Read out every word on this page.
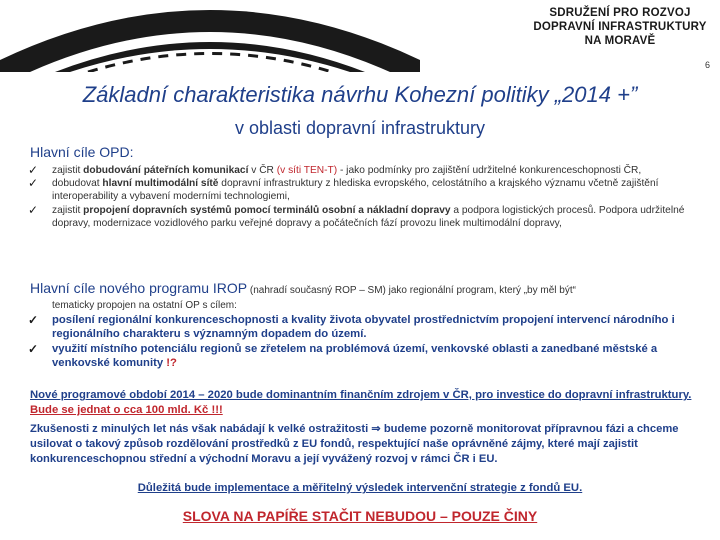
SDRUŽENÍ PRO ROZVOJ
DOPRAVNÍ INFRASTRUKTURY
NA MORAVĚ
6
Základní charakteristika návrhu Kohezní politiky „2014 +”
v oblasti dopravní infrastruktury
Hlavní cíle OPD:
✓ zajistit dobudování páteřních komunikací v ČR (v síti TEN-T) - jako podmínky pro zajištění udržitelné konkurenceschopnosti ČR,
✓ dobudovat hlavní multimodální sítě dopravní infrastruktury z hlediska evropského, celostátního a krajského významu včetně zajištění interoperability a vybavení moderními technologiemi,
✓ zajistit propojení dopravních systémů pomocí terminálů osobní a nákladní dopravy a podpora logistických procesů. Podpora udržitelné dopravy, modernizace vozidlového parku veřejné dopravy a počátečních fází provozu linek multimodální dopravy,
Hlavní cíle nového programu IROP (nahradí současný ROP – SM) jako regionální program, který „by měl být“
tematicky propojen na ostatní OP s cílem:
✓ posílení regionální konkurenceschopnosti a kvality života obyvatel prostřednictvím propojení intervencí národního i regionálního charakteru s významným dopadem do území.
✓ využití místního potenciálu regionů se zřetelem na problémová území, venkovské oblasti a zanedbané městské a venkovské komunity !?
Nové programové období 2014 – 2020 bude dominantním finančním zdrojem v ČR, pro investice do dopravní infrastruktury. Bude se jednat o cca 100 mld. Kč !!!
Zkušenosti z minulých let nás však nabádají k velké ostražitosti ⇒ budeme pozorně monitorovat přípravnou fázi a chceme usilovat o takový způsob rozdělování prostředků z EU fondů, respektující naše oprávněné zájmy, které mají zajistit konkurenceschopnou střední a východní Moravu a její vyvážený rozvoj v rámci ČR i EU.
Důležitá bude implementace a měřitelný výsledek intervenční strategie z fondů EU.
SLOVA NA PAPÍŘE STAČIT NEBUDOU – POUZE ČINY
